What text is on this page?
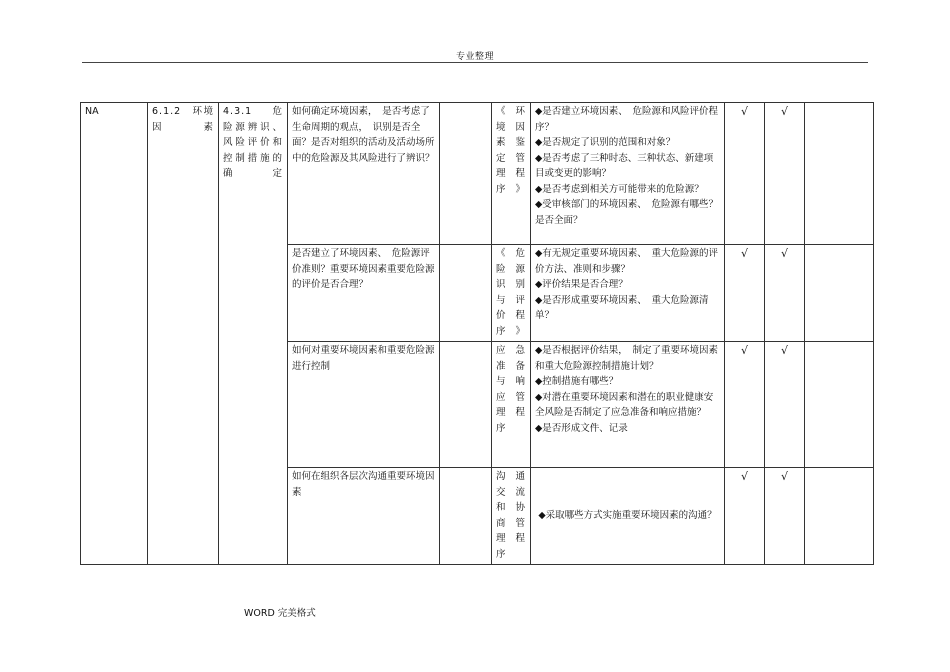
专业整理
NA	6.1.2　环境因素	4.3.1　危险源辨识、风险评价和控制措施的确定	如何确定环境因素，　是否考虑了生命周期的观点，　识别是否全面？是否对组织的活动及活动场所中的危险源及其风险进行了辨识？		《环境因素鉴定管理程序》	◆是否建立环境因素、　危险源和风险评价程序？
◆是否规定了识别的范围和对象？
◆是否考虑了三种时态、三种状态、新建项目或变更的影响？
◆是否考虑到相关方可能带来的危险源？
◆受审核部门的环境因素、　危险源有哪些？是否全面？	√	√	
			是否建立了环境因素、　危险源评价准则？重要环境因素重要危险源的评价是否合理？		《危险源识别与评价程序》	◆有无规定重要环境因素、　重大危险源的评价方法、准则和步骤？
◆评价结果是否合理？
◆是否形成重要环境因素、　重大危险源清单？	√	√	
			如何对重要环境因素和重要危险源进行控制		应急准备与响应管理程序	◆是否根据评价结果，　制定了重要环境因素和重大危险源控制措施计划？
◆控制措施有哪些？
◆对潜在重要环境因素和潜在的职业健康安全风险是否制定了应急准备和响应措施？
◆是否形成文件、记录	√	√	
			如何在组织各层次沟通重要环境因素		沟通交流和协商管理程序	◆采取哪些方式实施重要环境因素的沟通？	√	√	
WORD 完美格式
